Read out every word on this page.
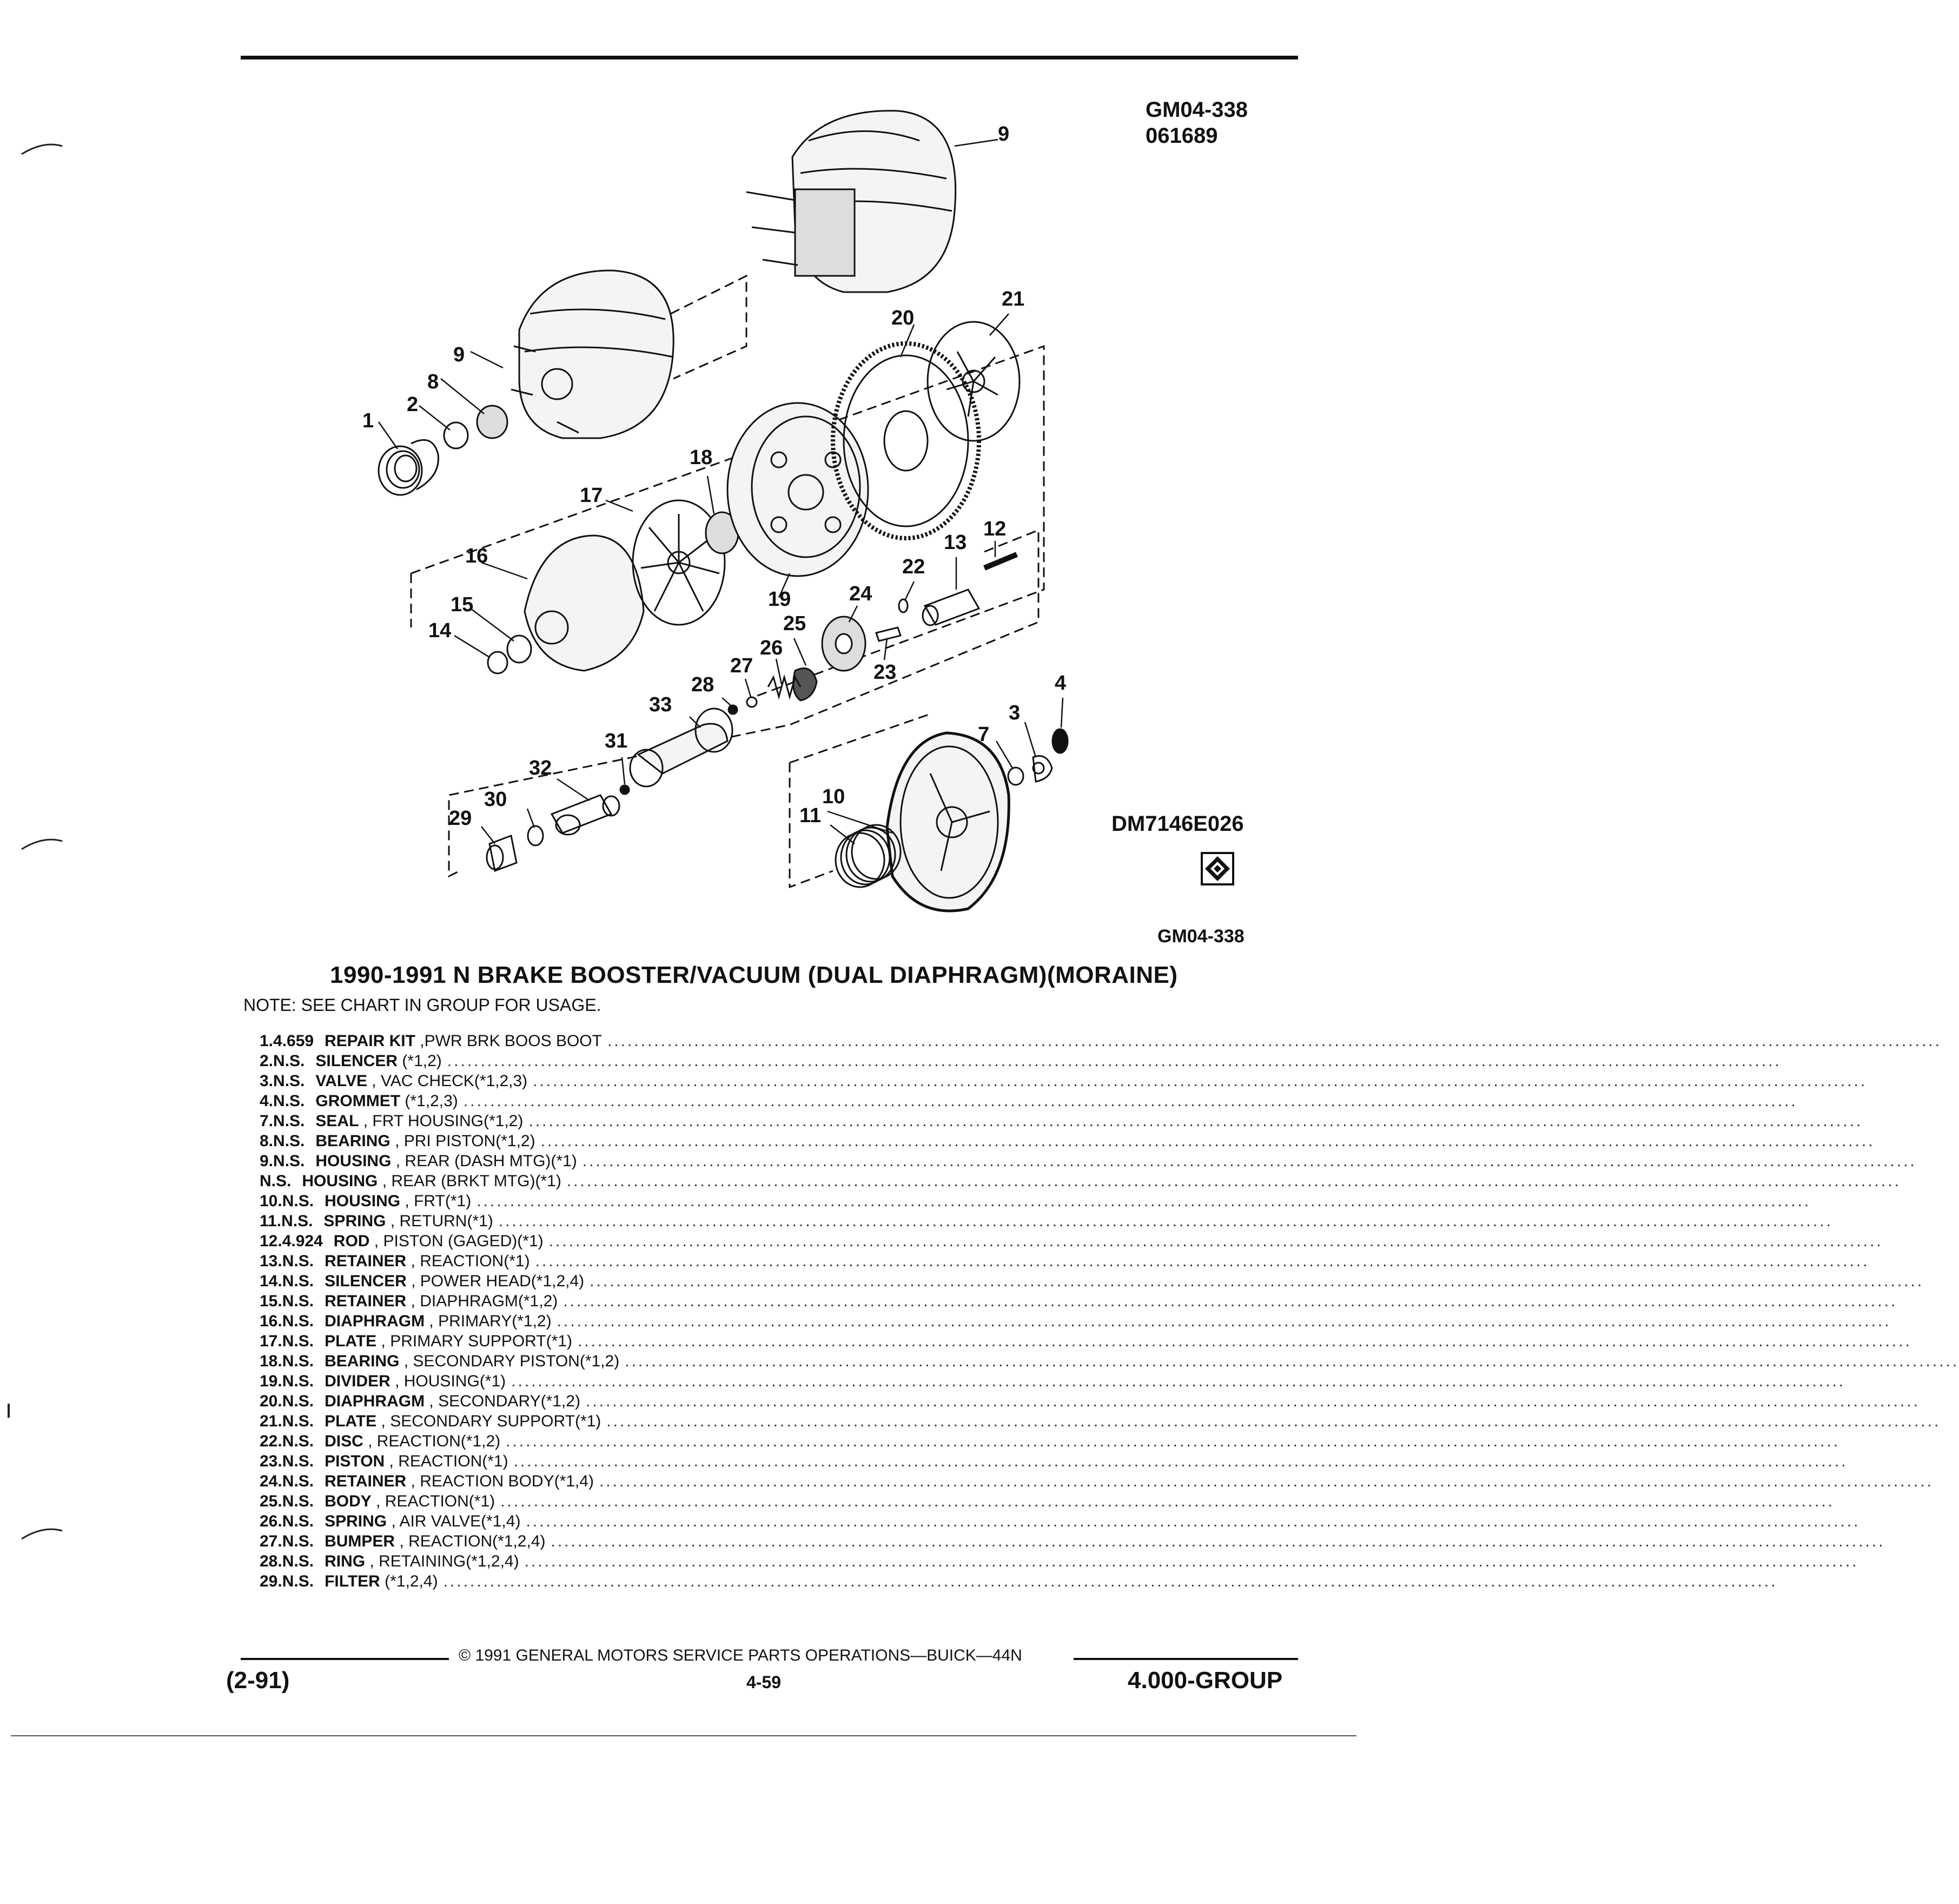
GM04-338
061689
9
9
8
2
1
20
21
18
17
16
15
14
19
12
13
22
24
23
25
26
27
28
33
31
32
30
29
10
11
7
3
4
DM7146E026
GM04-338
1990-1991 N BRAKE BOOSTER/VACUUM (DUAL DIAPHRAGM)(MORAINE)
NOTE: SEE CHART IN GROUP FOR USAGE.
1. 4.659 REPAIR KIT ,PWR BRK BOOS BOOT ........................................................................................................................................................................................................
2. N.S. SILENCER (*1,2) ........................................................................................................................................................................................................
3. N.S. VALVE , VAC CHECK(*1,2,3) ........................................................................................................................................................................................................
4. N.S. GROMMET (*1,2,3) ........................................................................................................................................................................................................
7. N.S. SEAL , FRT HOUSING(*1,2) ........................................................................................................................................................................................................
8. N.S. BEARING , PRI PISTON(*1,2) ........................................................................................................................................................................................................
9. N.S. HOUSING , REAR (DASH MTG)(*1) ........................................................................................................................................................................................................
N.S. HOUSING , REAR (BRKT MTG)(*1) ........................................................................................................................................................................................................
10. N.S. HOUSING , FRT(*1) ........................................................................................................................................................................................................
11. N.S. SPRING , RETURN(*1) ........................................................................................................................................................................................................
12. 4.924 ROD , PISTON (GAGED)(*1) ........................................................................................................................................................................................................
13. N.S. RETAINER , REACTION(*1) ........................................................................................................................................................................................................
14. N.S. SILENCER , POWER HEAD(*1,2,4) ........................................................................................................................................................................................................
15. N.S. RETAINER , DIAPHRAGM(*1,2) ........................................................................................................................................................................................................
16. N.S. DIAPHRAGM , PRIMARY(*1,2) ........................................................................................................................................................................................................
17. N.S. PLATE , PRIMARY SUPPORT(*1) ........................................................................................................................................................................................................
18. N.S. BEARING , SECONDARY PISTON(*1,2) ........................................................................................................................................................................................................
19. N.S. DIVIDER , HOUSING(*1) ........................................................................................................................................................................................................
20. N.S. DIAPHRAGM , SECONDARY(*1,2) ........................................................................................................................................................................................................
21. N.S. PLATE , SECONDARY SUPPORT(*1) ........................................................................................................................................................................................................
22. N.S. DISC , REACTION(*1,2) ........................................................................................................................................................................................................
23. N.S. PISTON , REACTION(*1) ........................................................................................................................................................................................................
24. N.S. RETAINER , REACTION BODY(*1,4) ........................................................................................................................................................................................................
25. N.S. BODY , REACTION(*1) ........................................................................................................................................................................................................
26. N.S. SPRING , AIR VALVE(*1,4) ........................................................................................................................................................................................................
27. N.S. BUMPER , REACTION(*1,2,4) ........................................................................................................................................................................................................
28. N.S. RING , RETAINING(*1,2,4) ........................................................................................................................................................................................................
29. N.S. FILTER (*1,2,4) ........................................................................................................................................................................................................
© 1991 GENERAL MOTORS SERVICE PARTS OPERATIONS—BUICK—44N
(2-91)	4-59	4.000-GROUP
